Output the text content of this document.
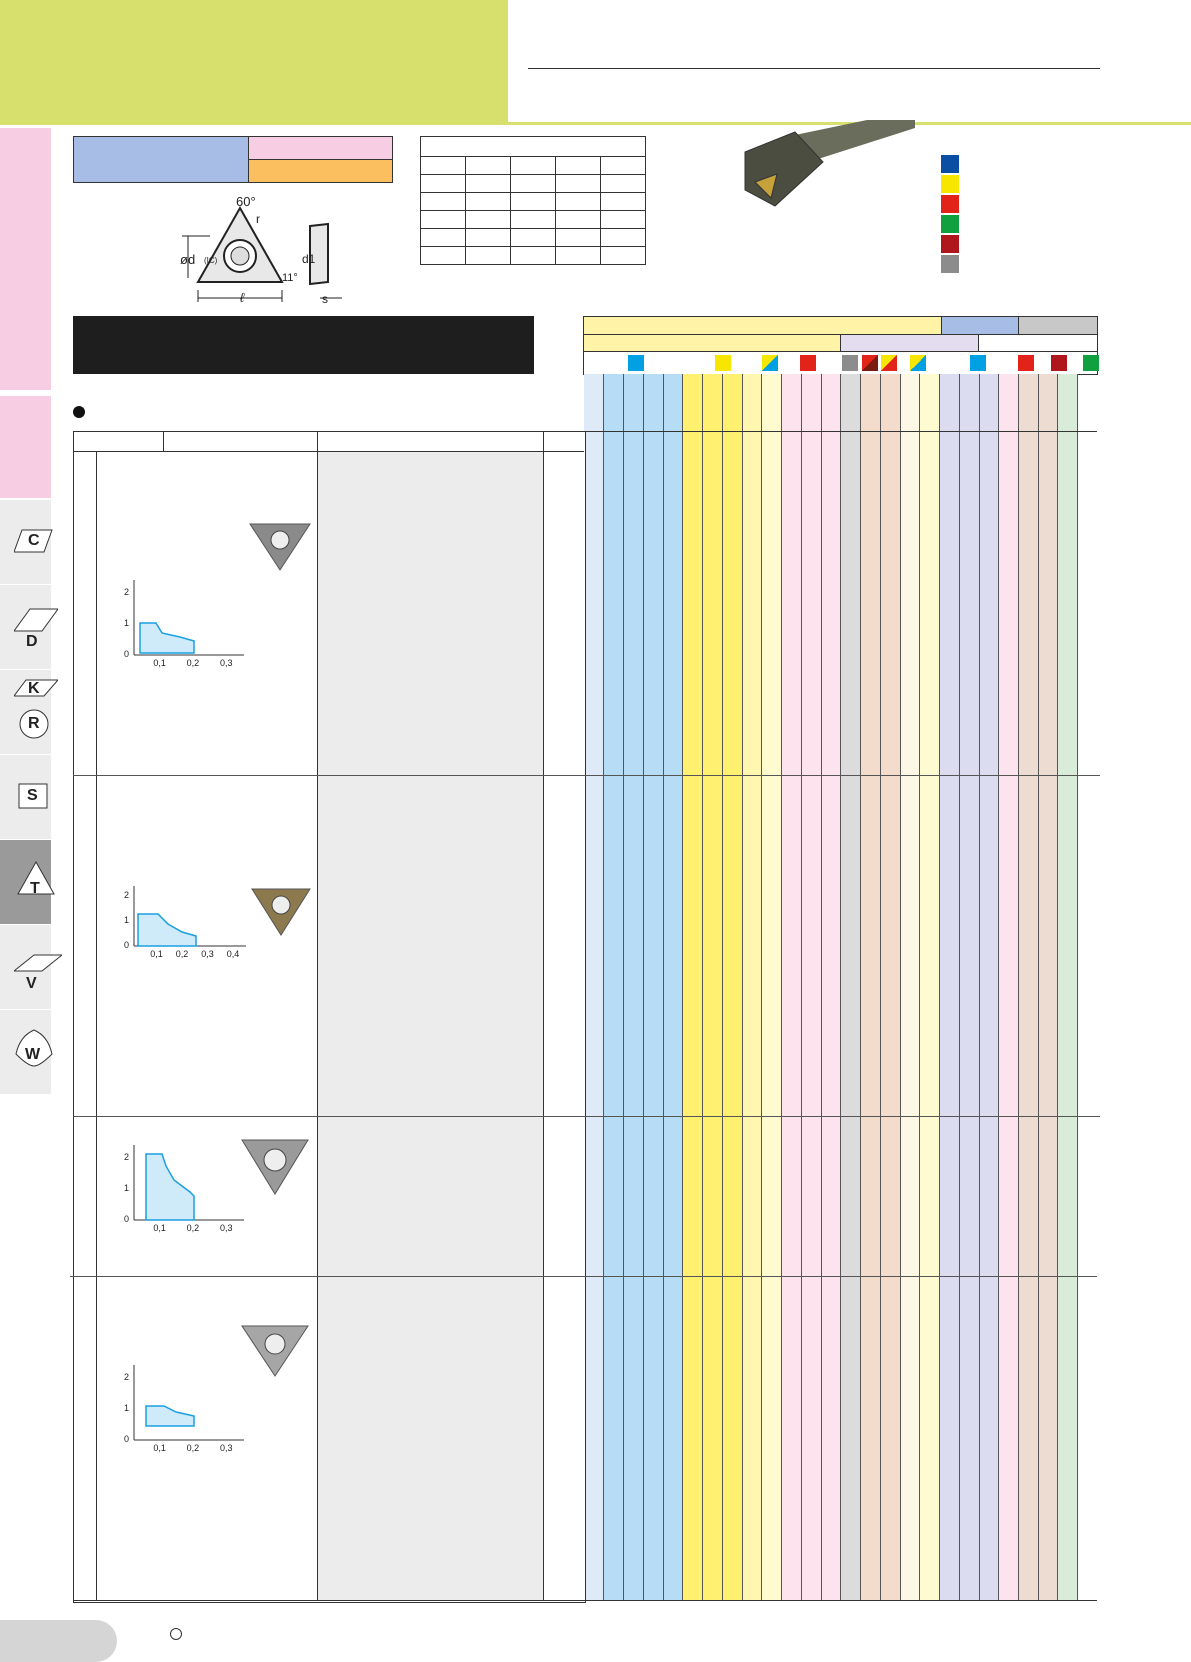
C
D
K
R
S
T
V
W
60°
r
ød (IC)
ℓ
d1
11°
s

0
1
2
0,1 0,2 0,3
0
1
2
0,1 0,2 0,3 0,4
0
1
2
0,1 0,2 0,3
0
1
2
0,1 0,2 0,3
